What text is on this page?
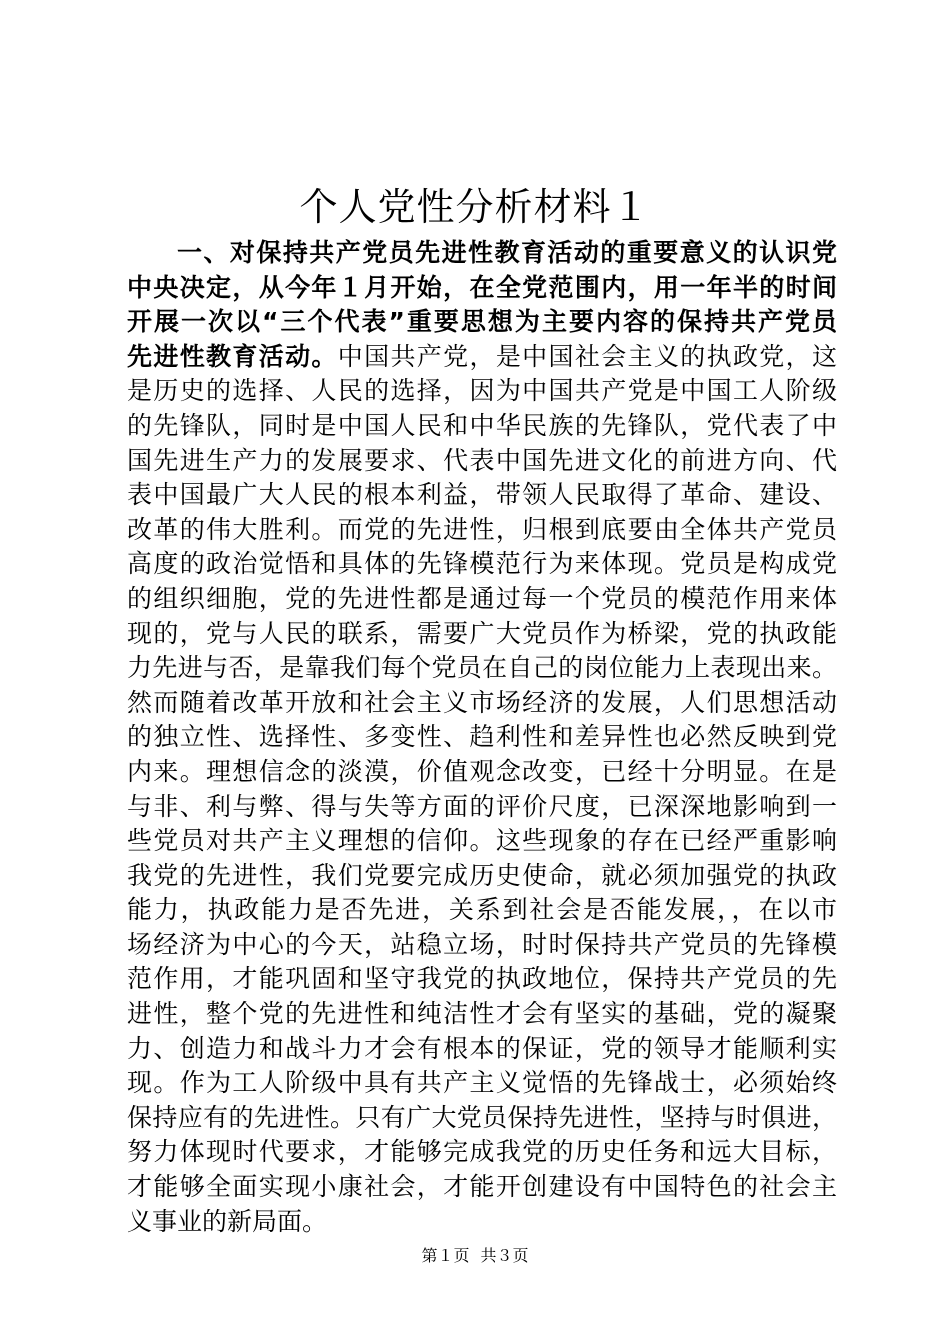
个人党性分析材料１
一、对保持共产党员先进性教育活动的重要意义的认识党
中央决定，从今年１月开始，在全党范围内，用一年半的时间
开展一次以“三个代表”重要思想为主要内容的保持共产党员
先进性教育活动。中国共产党，是中国社会主义的执政党，这
是历史的选择、人民的选择，因为中国共产党是中国工人阶级
的先锋队，同时是中国人民和中华民族的先锋队，党代表了中
国先进生产力的发展要求、代表中国先进文化的前进方向、代
表中国最广大人民的根本利益，带领人民取得了革命、建设、
改革的伟大胜利。而党的先进性，归根到底要由全体共产党员
高度的政治觉悟和具体的先锋模范行为来体现。党员是构成党
的组织细胞，党的先进性都是通过每一个党员的模范作用来体
现的，党与人民的联系，需要广大党员作为桥梁，党的执政能
力先进与否，是靠我们每个党员在自己的岗位能力上表现出来。
然而随着改革开放和社会主义市场经济的发展，人们思想活动
的独立性、选择性、多变性、趋利性和差异性也必然反映到党
内来。理想信念的淡漠，价值观念改变，已经十分明显。在是
与非、利与弊、得与失等方面的评价尺度，已深深地影响到一
些党员对共产主义理想的信仰。这些现象的存在已经严重影响
我党的先进性，我们党要完成历史使命，就必须加强党的执政
能力，执政能力是否先进，关系到社会是否能发展，，在以市
场经济为中心的今天，站稳立场，时时保持共产党员的先锋模
范作用，才能巩固和坚守我党的执政地位，保持共产党员的先
进性，整个党的先进性和纯洁性才会有坚实的基础，党的凝聚
力、创造力和战斗力才会有根本的保证，党的领导才能顺利实
现。作为工人阶级中具有共产主义觉悟的先锋战士，必须始终
保持应有的先进性。只有广大党员保持先进性，坚持与时俱进，
努力体现时代要求，才能够完成我党的历史任务和远大目标，
才能够全面实现小康社会，才能开创建设有中国特色的社会主
义事业的新局面。
第１页 共３页
